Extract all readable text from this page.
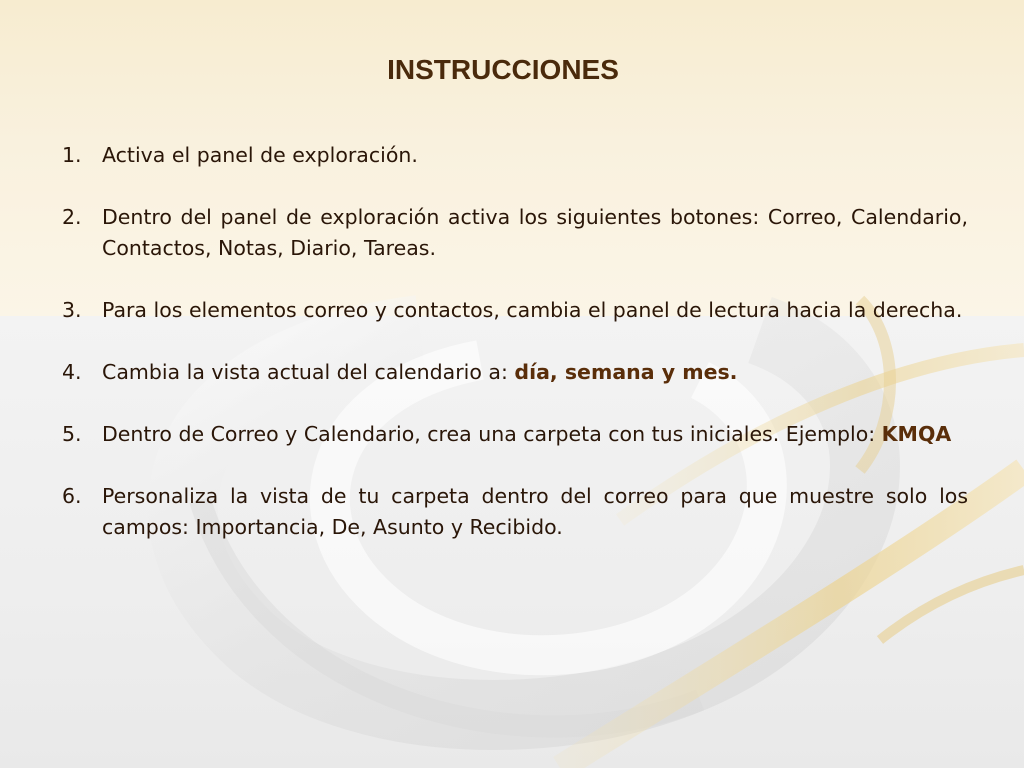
INSTRUCCIONES
1. Activa el panel de exploración.
2. Dentro del panel de exploración activa los siguientes botones: Correo, Calendario, Contactos, Notas, Diario, Tareas.
3. Para los elementos correo y contactos, cambia el panel de lectura hacia la derecha.
4. Cambia la vista actual del calendario a: día, semana y mes.
5. Dentro de Correo y Calendario, crea una carpeta con tus iniciales. Ejemplo: KMQA
6. Personaliza la vista de tu carpeta dentro del correo para que muestre solo los campos: Importancia, De, Asunto y Recibido.
